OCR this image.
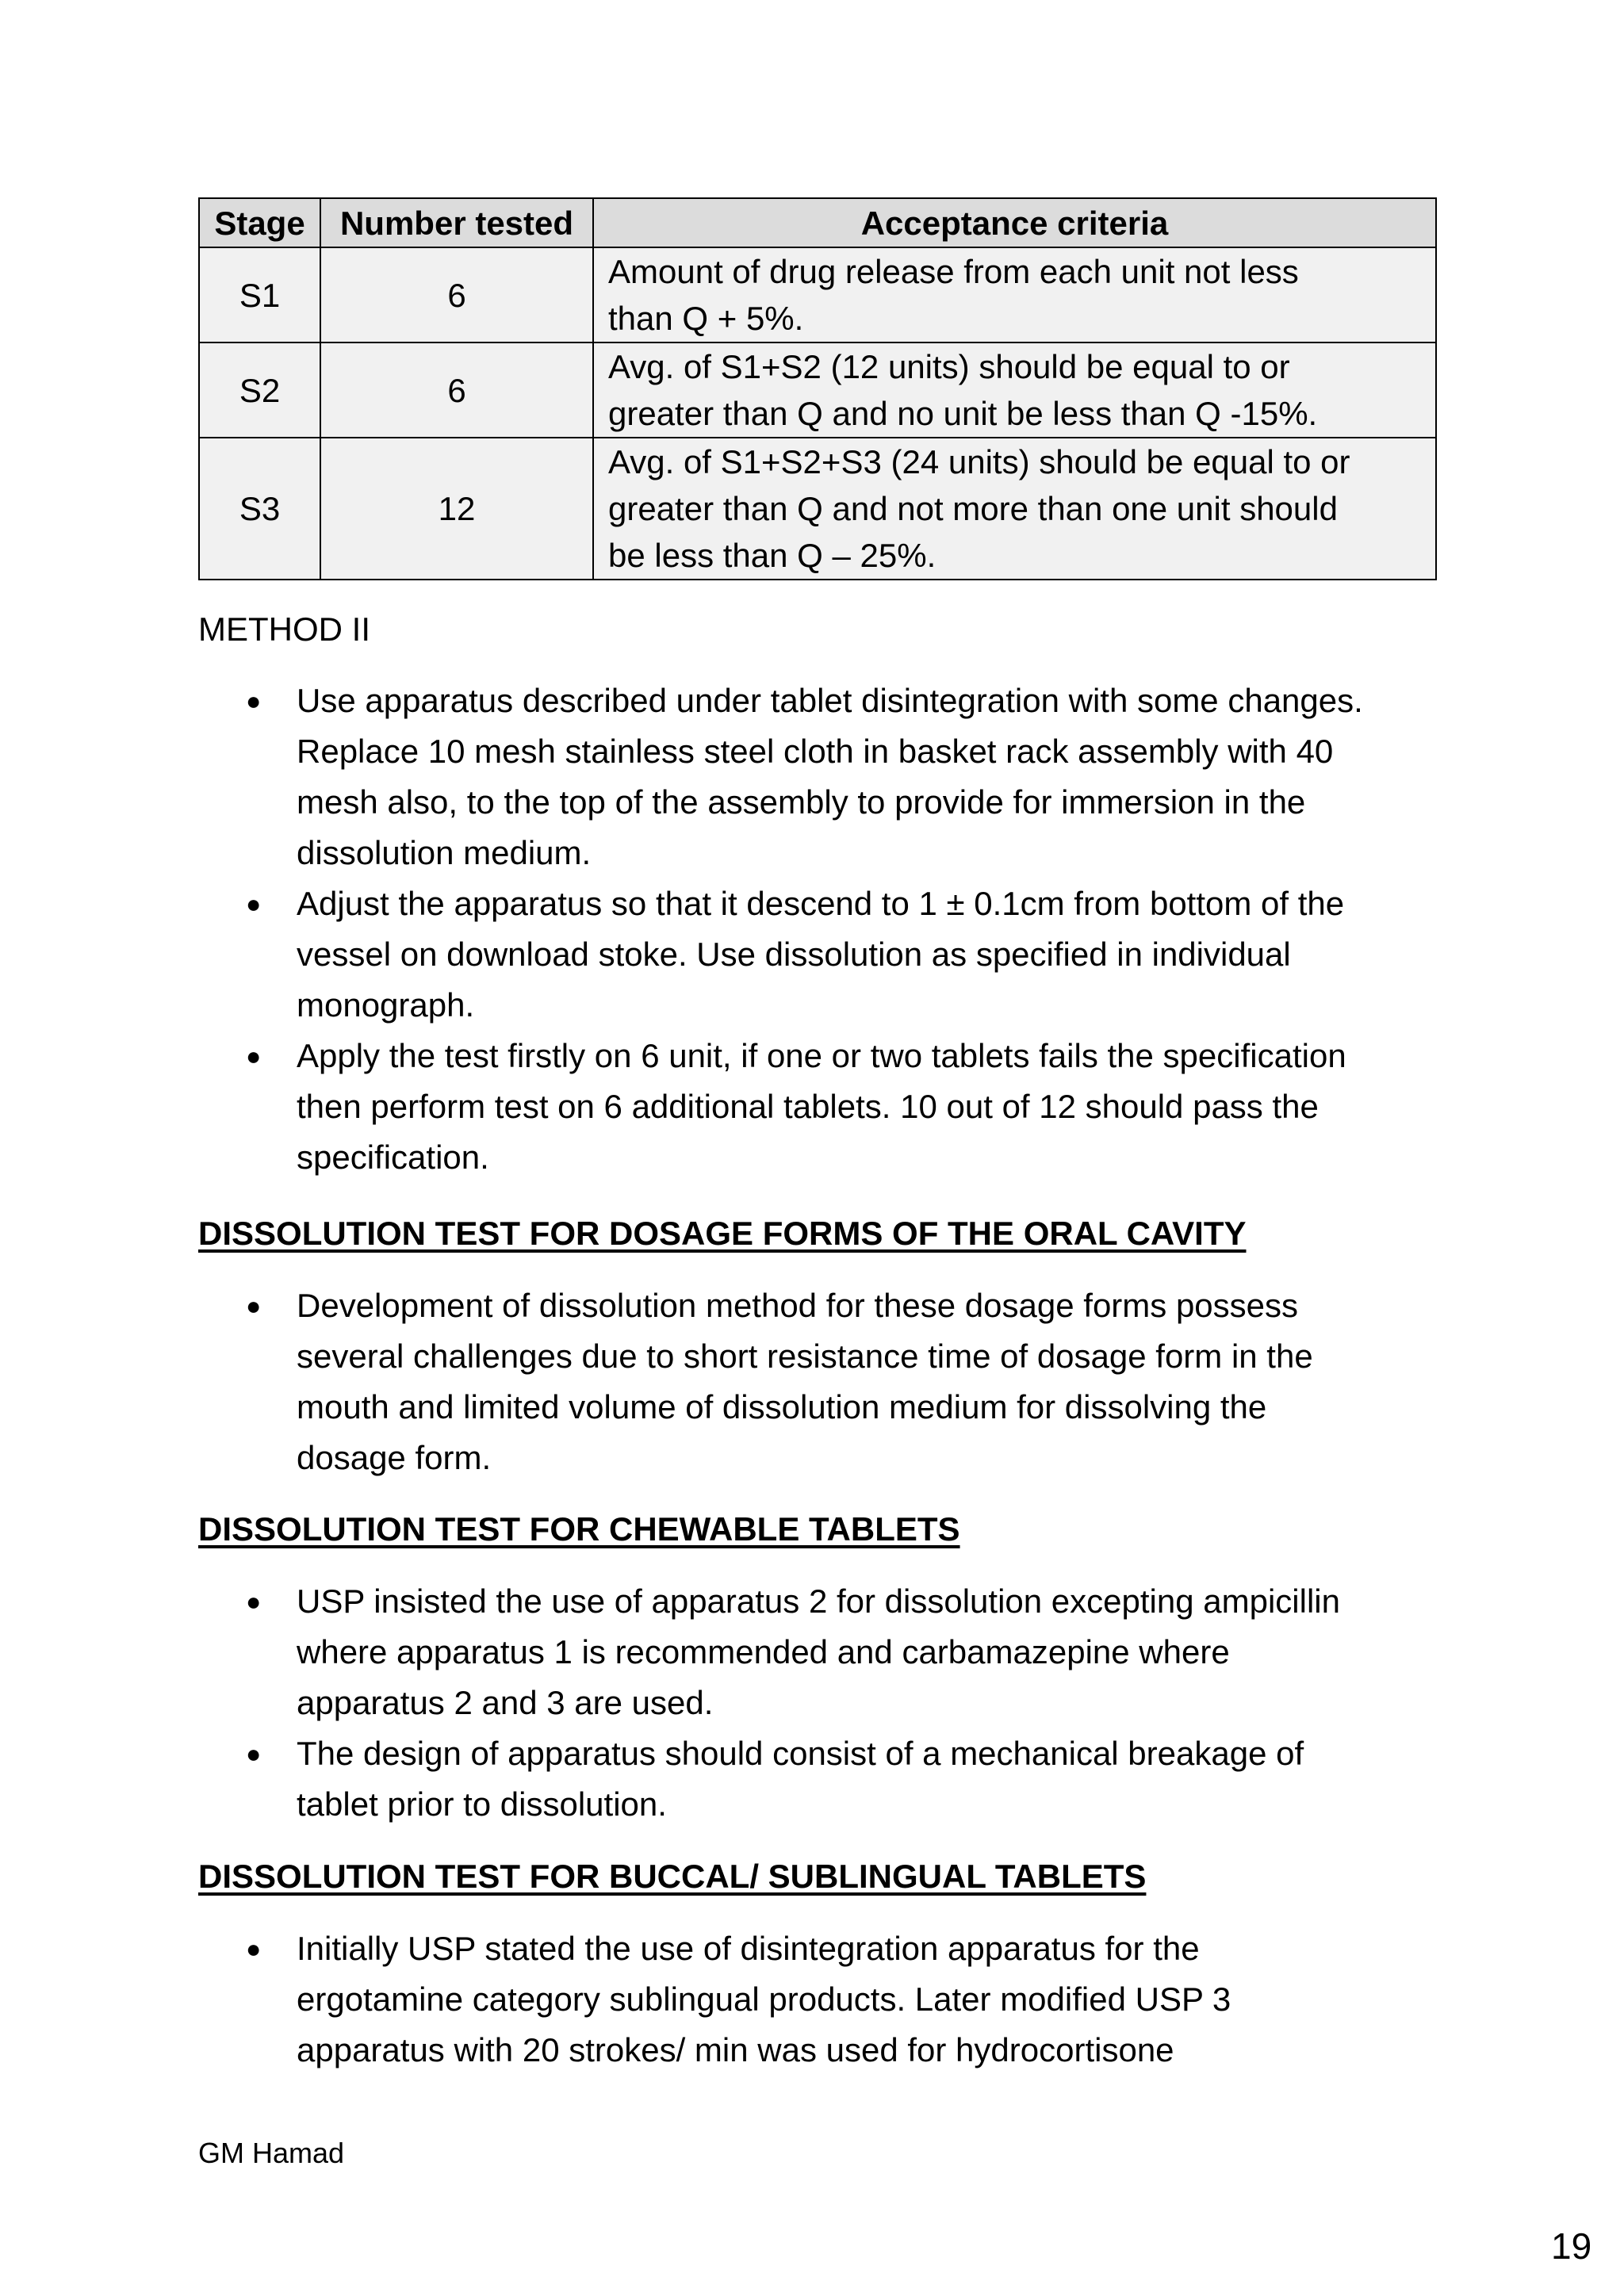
Stage	Number tested	Acceptance criteria
S1	6	Amount of drug release from each unit not less
than Q + 5%.

S2	6	Avg. of S1+S2 (12 units) should be equal to or
greater than Q and no unit be less than Q -15%.

S3	12	Avg. of S1+S2+S3 (24 units) should be equal to or
greater than Q and not more than one unit should
be less than Q – 25%.
METHOD II
● Use apparatus described under tablet disintegration with some changes.
Replace 10 mesh stainless steel cloth in basket rack assembly with 40
mesh also, to the top of the assembly to provide for immersion in the
dissolution medium.
● Adjust the apparatus so that it descend to 1 ± 0.1cm from bottom of the
vessel on download stoke. Use dissolution as specified in individual
monograph.
● Apply the test firstly on 6 unit, if one or two tablets fails the specification
then perform test on 6 additional tablets. 10 out of 12 should pass the
specification.
DISSOLUTION TEST FOR DOSAGE FORMS OF THE ORAL CAVITY
● Development of dissolution method for these dosage forms possess
several challenges due to short resistance time of dosage form in the
mouth and limited volume of dissolution medium for dissolving the
dosage form.
DISSOLUTION TEST FOR CHEWABLE TABLETS
● USP insisted the use of apparatus 2 for dissolution excepting ampicillin
where apparatus 1 is recommended and carbamazepine where
apparatus 2 and 3 are used.
● The design of apparatus should consist of a mechanical breakage of
tablet prior to dissolution.
DISSOLUTION TEST FOR BUCCAL/ SUBLINGUAL TABLETS
● Initially USP stated the use of disintegration apparatus for the
ergotamine category sublingual products. Later modified USP 3
apparatus with 20 strokes/ min was used for hydrocortisone
GM Hamad
19
